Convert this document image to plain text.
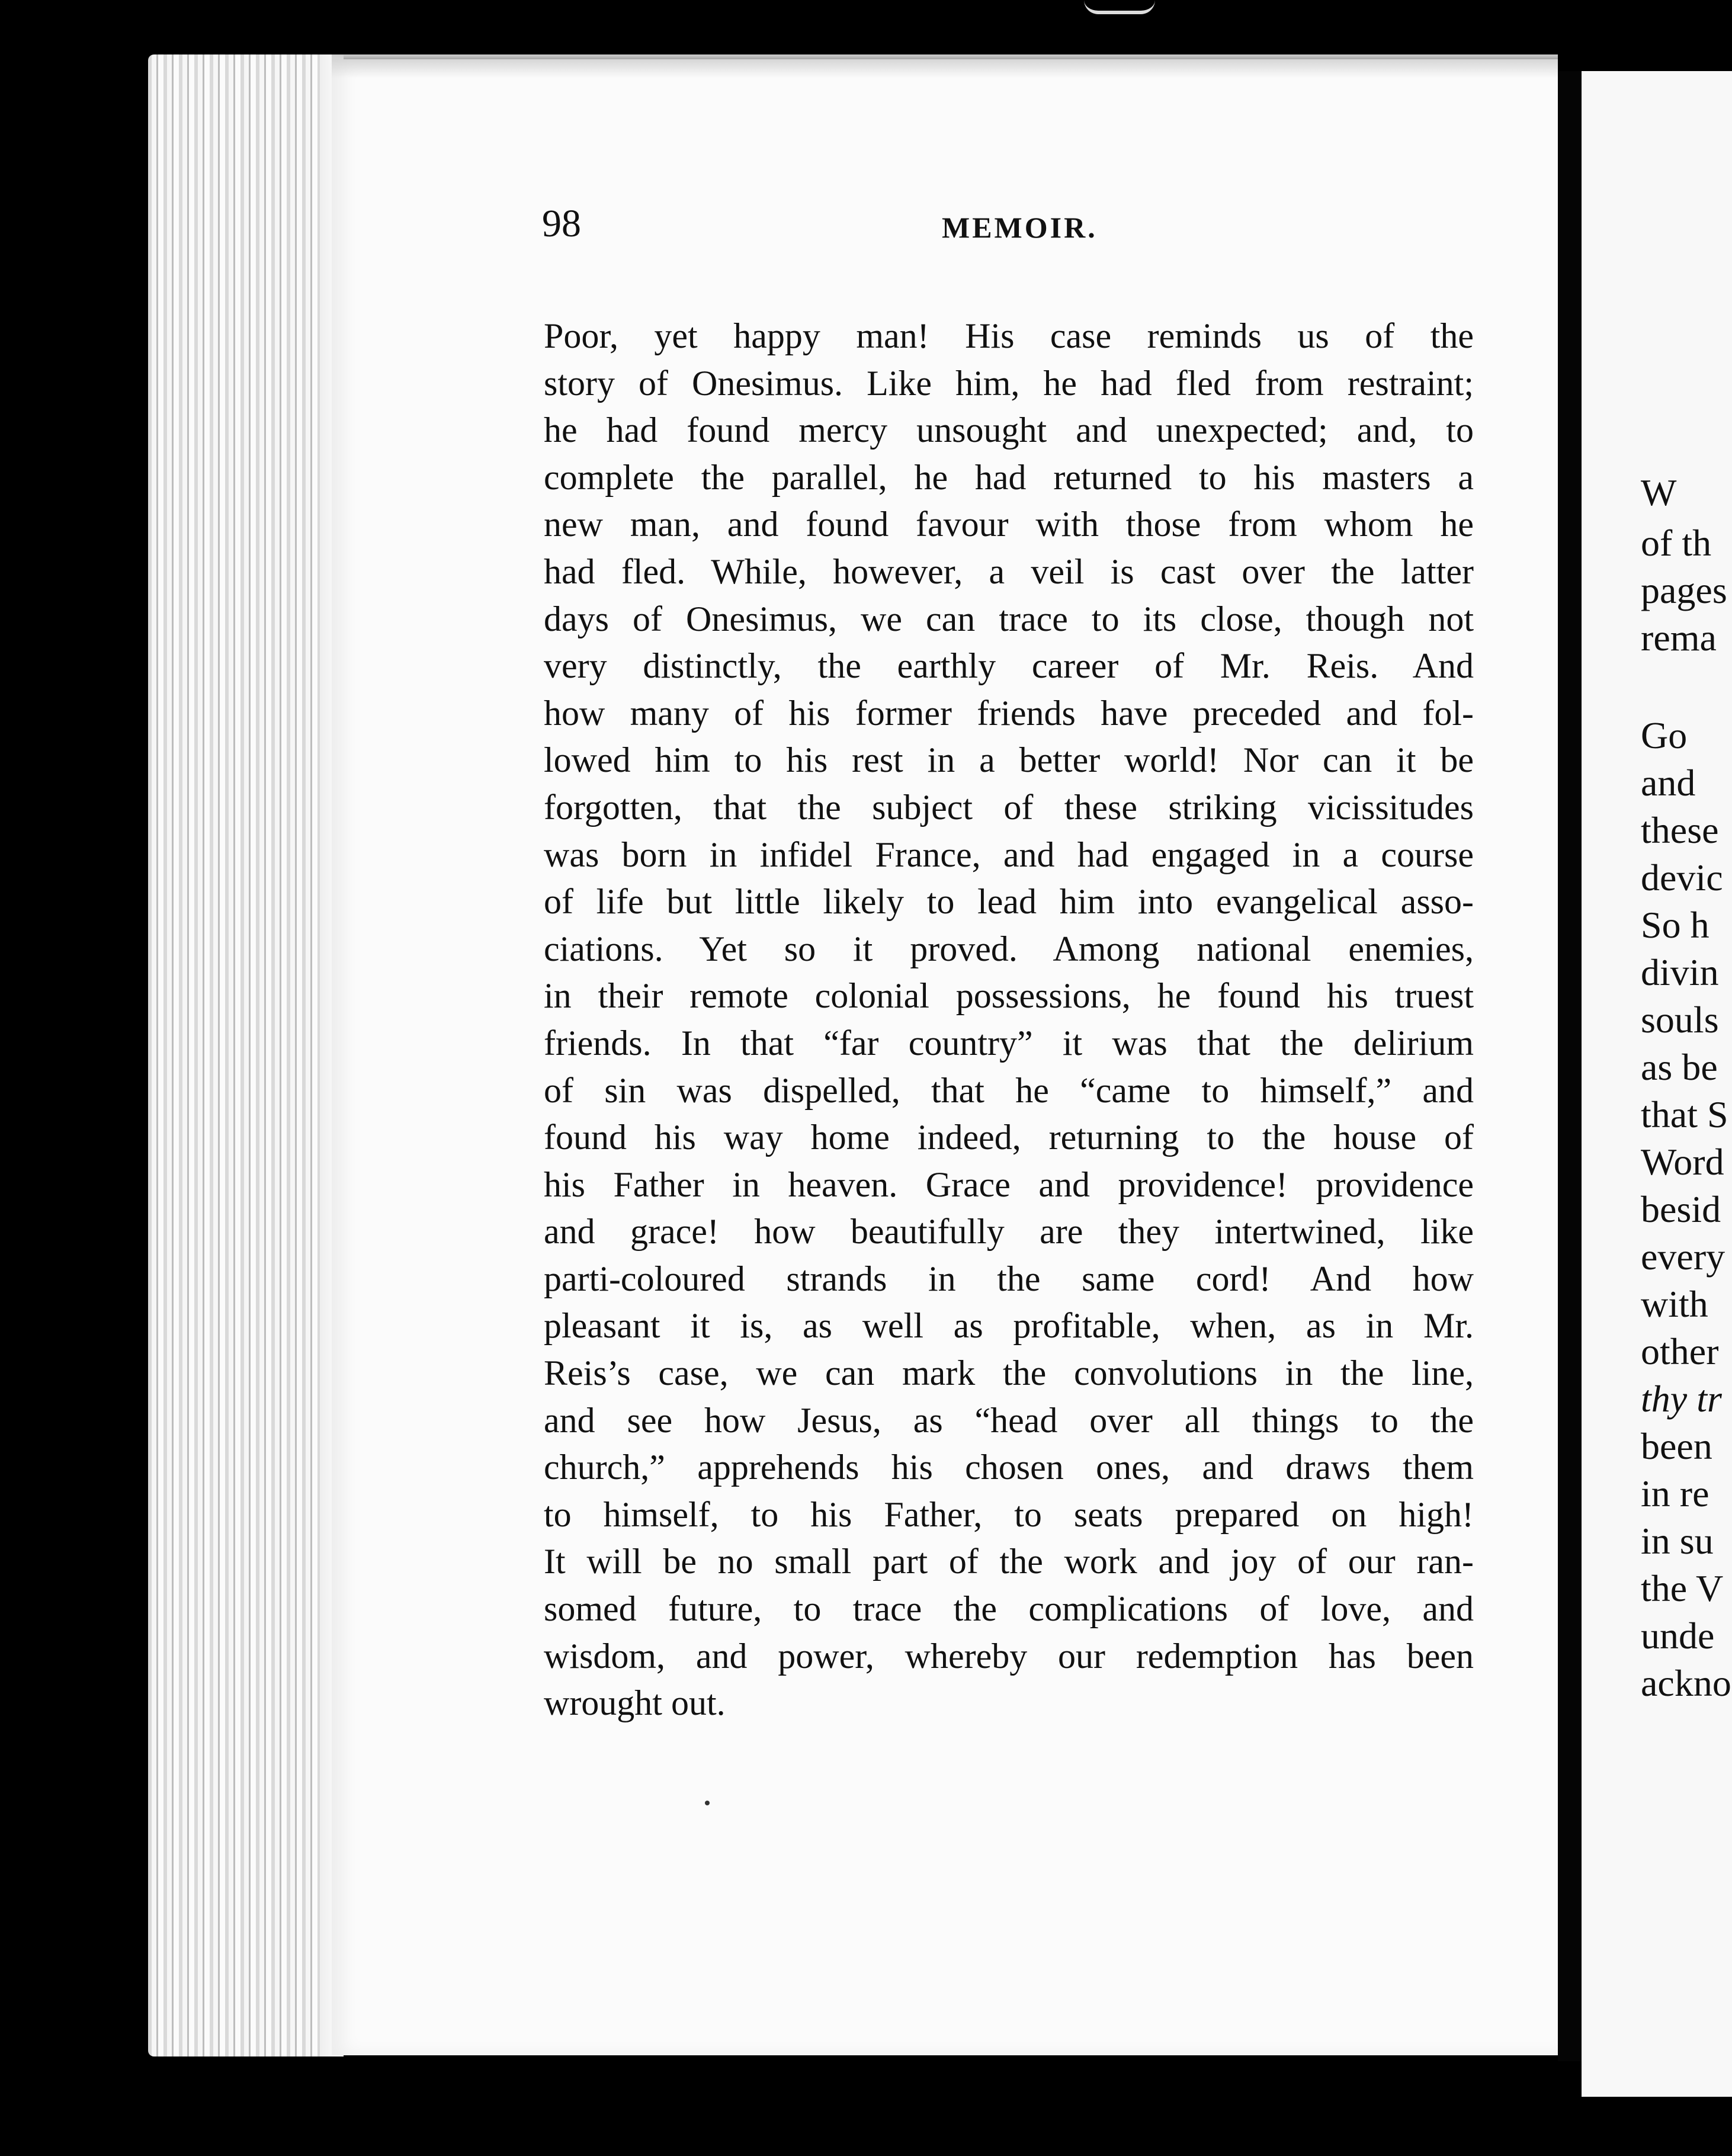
W
of th
pages
rema
Go
and
these
devic
So h
divin
souls
as be
that S
Word
besid
every
with
other
thy tr
been
in re
in su
the V
unde
ackno
98	MEMOIR.
Poor, yet happy man! His case reminds us of the
story of Onesimus. Like him, he had fled from restraint;
he had found mercy unsought and unexpected; and, to
complete the parallel, he had returned to his masters a
new man, and found favour with those from whom he
had fled. While, however, a veil is cast over the latter
days of Onesimus, we can trace to its close, though not
very distinctly, the earthly career of Mr. Reis. And
how many of his former friends have preceded and fol-
lowed him to his rest in a better world! Nor can it be
forgotten, that the subject of these striking vicissitudes
was born in infidel France, and had engaged in a course
of life but little likely to lead him into evangelical asso-
ciations. Yet so it proved. Among national enemies,
in their remote colonial possessions, he found his truest
friends. In that “far country” it was that the delirium
of sin was dispelled, that he “came to himself,” and
found his way home indeed, returning to the house of
his Father in heaven. Grace and providence! providence
and grace! how beautifully are they intertwined, like
parti-coloured strands in the same cord! And how
pleasant it is, as well as profitable, when, as in Mr.
Reis’s case, we can mark the convolutions in the line,
and see how Jesus, as “head over all things to the
church,” apprehends his chosen ones, and draws them
to himself, to his Father, to seats prepared on high!
It will be no small part of the work and joy of our ran-
somed future, to trace the complications of love, and
wisdom, and power, whereby our redemption has been
wrought out.
